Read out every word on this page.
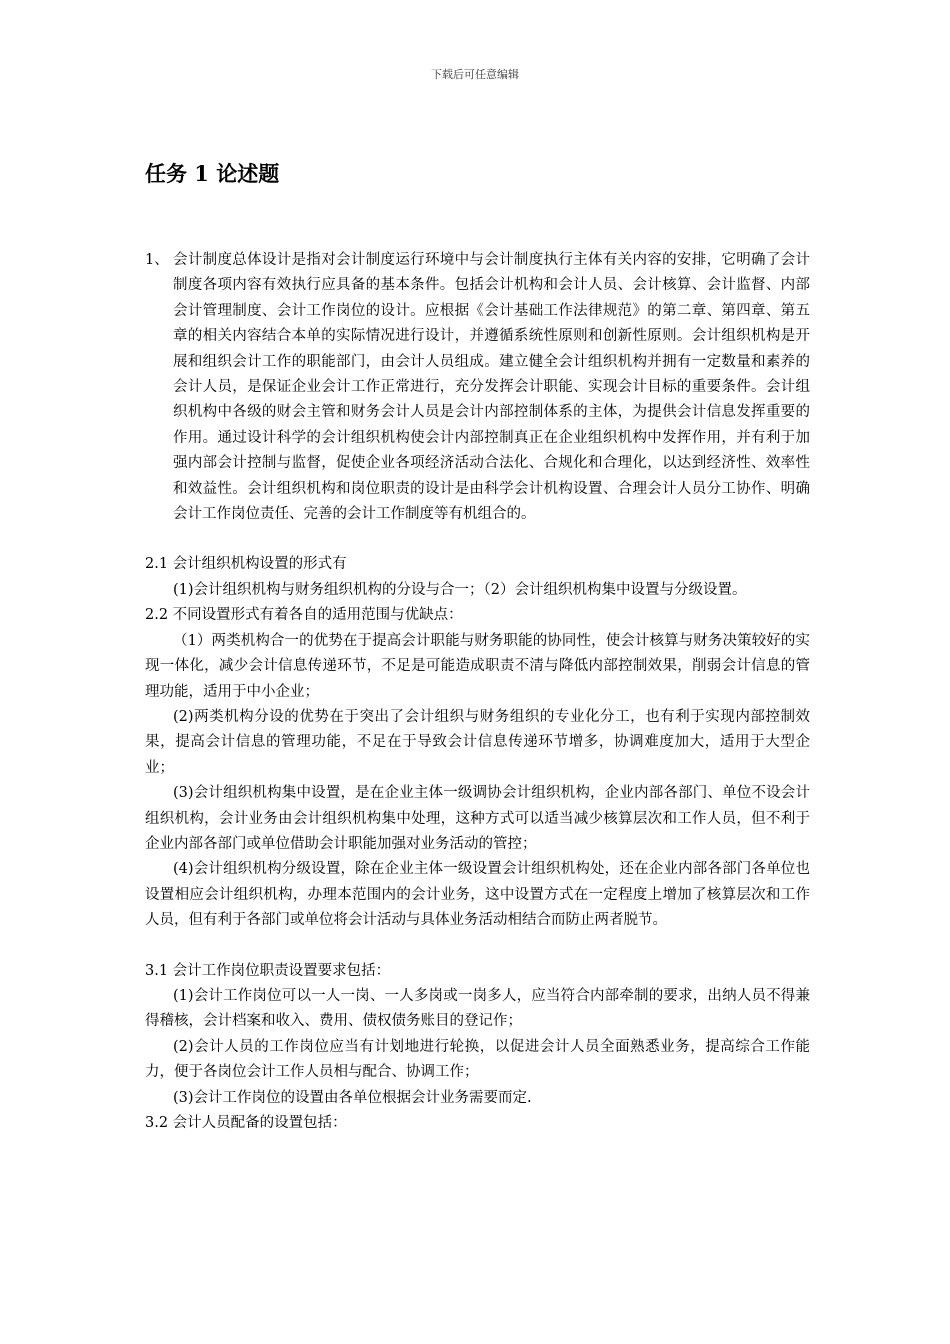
下载后可任意编辑
任务 1 论述题
1、 会计制度总体设计是指对会计制度运行环境中与会计制度执行主体有关内容的安排，它明确了会计制度各项内容有效执行应具备的基本条件。包括会计机构和会计人员、会计核算、会计监督、内部会计管理制度、会计工作岗位的设计。应根据《会计基础工作法律规范》的第二章、第四章、第五章的相关内容结合本单的实际情况进行设计，并遵循系统性原则和创新性原则。会计组织机构是开展和组织会计工作的职能部门，由会计人员组成。建立健全会计组织机构并拥有一定数量和素养的会计人员，是保证企业会计工作正常进行，充分发挥会计职能、实现会计目标的重要条件。会计组织机构中各级的财会主管和财务会计人员是会计内部控制体系的主体，为提供会计信息发挥重要的作用。通过设计科学的会计组织机构使会计内部控制真正在企业组织机构中发挥作用，并有利于加强内部会计控制与监督，促使企业各项经济活动合法化、合规化和合理化，以达到经济性、效率性和效益性。会计组织机构和岗位职责的设计是由科学会计机构设置、合理会计人员分工协作、明确会计工作岗位责任、完善的会计工作制度等有机组合的。

2.1 会计组织机构设置的形式有

(1)会计组织机构与财务组织机构的分设与合一；（2）会计组织机构集中设置与分级设置。

2.2 不同设置形式有着各自的适用范围与优缺点：

（1）两类机构合一的优势在于提高会计职能与财务职能的协同性，使会计核算与财务决策较好的实现一体化，减少会计信息传递环节，不足是可能造成职责不清与降低内部控制效果，削弱会计信息的管理功能，适用于中小企业；

(2)两类机构分设的优势在于突出了会计组织与财务组织的专业化分工，也有利于实现内部控制效果，提高会计信息的管理功能，不足在于导致会计信息传递环节增多，协调难度加大，适用于大型企业；

(3)会计组织机构集中设置，是在企业主体一级调协会计组织机构，企业内部各部门、单位不设会计组织机构，会计业务由会计组织机构集中处理，这种方式可以适当减少核算层次和工作人员，但不利于企业内部各部门或单位借助会计职能加强对业务活动的管控；

(4)会计组织机构分级设置，除在企业主体一级设置会计组织机构处，还在企业内部各部门各单位也设置相应会计组织机构，办理本范围内的会计业务，这中设置方式在一定程度上增加了核算层次和工作人员，但有利于各部门或单位将会计活动与具体业务活动相结合而防止两者脱节。

3.1 会计工作岗位职责设置要求包括：

(1)会计工作岗位可以一人一岗、一人多岗或一岗多人，应当符合内部牵制的要求，出纳人员不得兼得稽核，会计档案和收入、费用、债权债务账目的登记作；

(2)会计人员的工作岗位应当有计划地进行轮换，以促进会计人员全面熟悉业务，提高综合工作能力，便于各岗位会计工作人员相与配合、协调工作；

(3)会计工作岗位的设置由各单位根据会计业务需要而定.

3.2 会计人员配备的设置包括：
